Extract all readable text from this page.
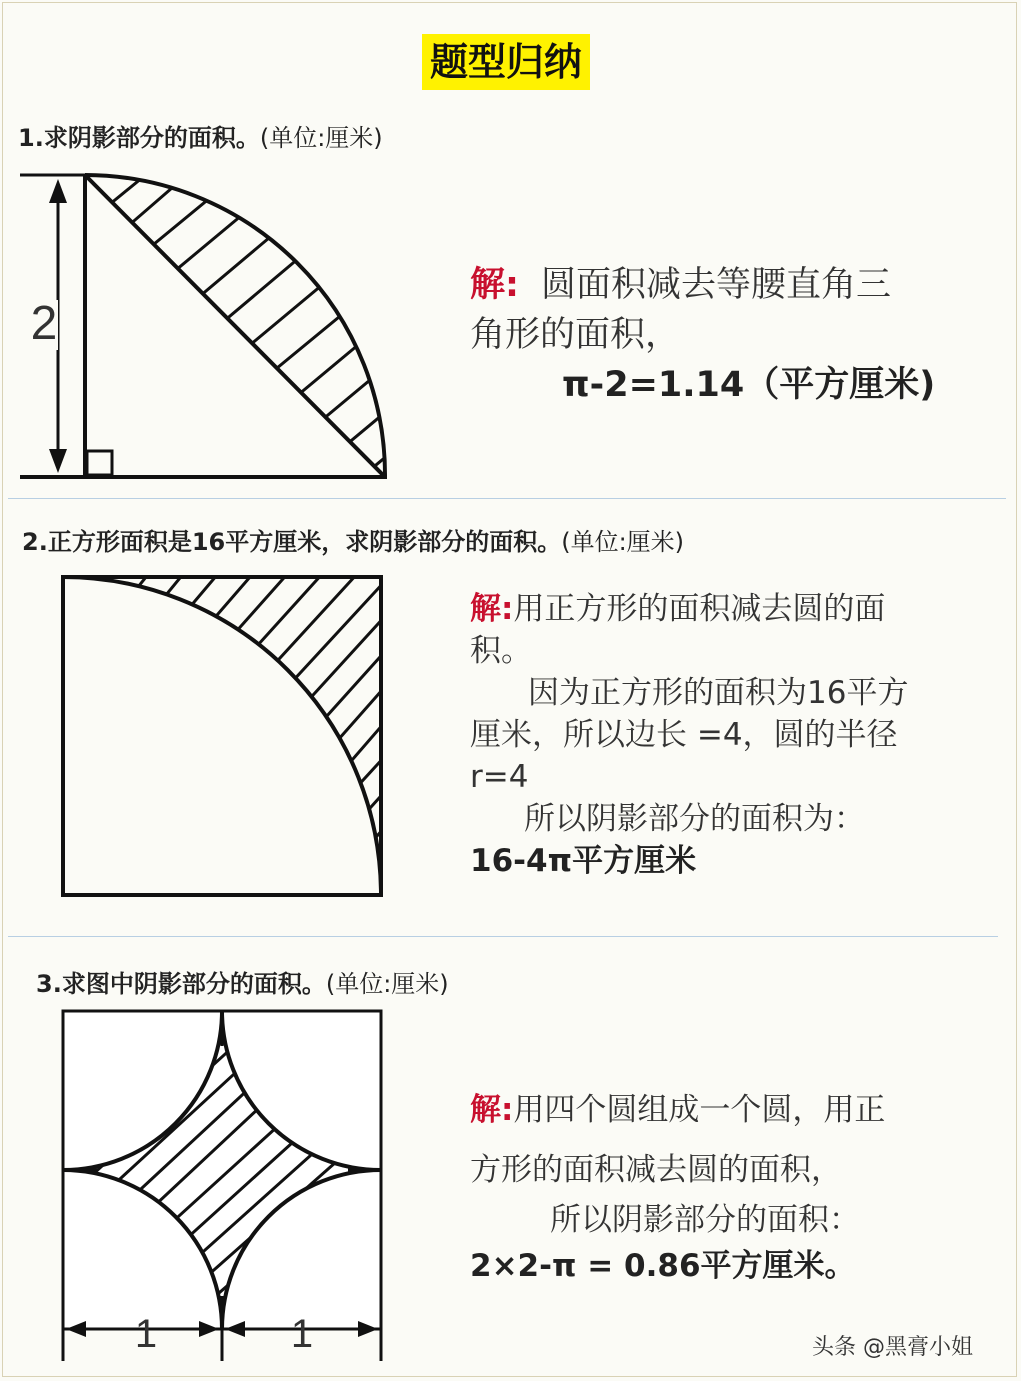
题型归纳
1.求阴影部分的面积。(单位:厘米)
2
解: 圆面积减去等腰直角三
角形的面积，
π-2=1.14（平方厘米)
2.正方形面积是16平方厘米，求阴影部分的面积。(单位:厘米)
解:用正方形的面积减去圆的面
积。
因为正方形的面积为16平方
厘米，所以边长 =4，圆的半径
r=4
所以阴影部分的面积为：
16-4π平方厘米
3.求图中阴影部分的面积。(单位:厘米)
1	1
解:用四个圆组成一个圆，用正
方形的面积减去圆的面积，
所以阴影部分的面积：
2×2-π = 0.86平方厘米。
头条 @黑膏小姐
